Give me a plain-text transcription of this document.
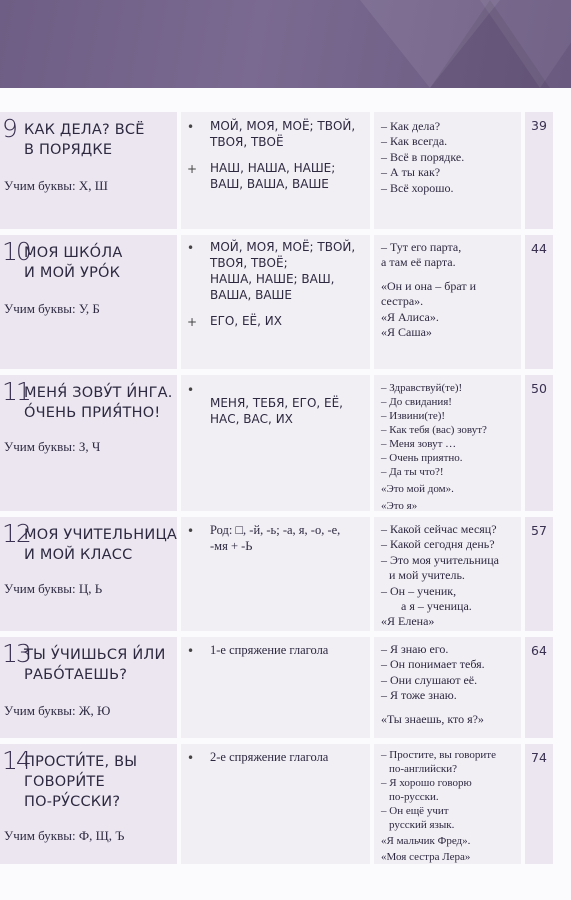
9 КАК ДЕЛА? ВСЁ
В ПОРЯДКЕ
Учим буквы: Х, Ш
• МОЙ, МОЯ, МОЁ; ТВОЙ,
ТВОЯ, ТВОЁ
+ НАШ, НАША, НАШЕ;
ВАШ, ВАША, ВАШЕ
– Как дела?
– Как всегда.
– Всё в порядке.
– А ты как?
– Всё хорошо.
39
10
МОЯ ШКО́ЛА
И МОЙ УРО́К
Учим буквы: У, Б
• МОЙ, МОЯ, МОЁ; ТВОЙ,
ТВОЯ, ТВОЁ;
НАША, НАШЕ; ВАШ,
ВАША, ВАШЕ
+ ЕГО, ЕЁ, ИХ
– Тут его парта,
а там её парта.
«Он и она – брат и
сестра».
«Я Алиса».
«Я Саша»
44
11
МЕНЯ́ ЗОВУ́Т И́НГА.
О́ЧЕНЬ ПРИЯ́ТНО!
Учим буквы: З, Ч
•
МЕНЯ, ТЕБЯ, ЕГО, ЕЁ,
НАС, ВАС, ИХ
– Здравствуй(те)!
– До свидания!
– Извини(те)!
– Как тебя (вас) зовут?
– Меня зовут …
– Очень приятно.
– Да ты что?!
«Это мой дом».
«Это я»
50
12
МОЯ УЧИТЕЛЬНИЦА
И МОЙ КЛАСС
Учим буквы: Ц, Ь
• Род: □, -й, -ь; -а, я, -о, -е,
-мя + -Ь
– Какой сейчас месяц?
– Какой сегодня день?
– Это моя учительница
и мой учитель.
– Он – ученик,
а я – ученица.
«Я Елена»
57
13
ТЫ У́ЧИШЬСЯ И́ЛИ
РАБО́ТАЕШЬ?
Учим буквы: Ж, Ю
• 1-е спряжение глагола	– Я знаю его.
– Он понимает тебя.
– Они слушают её.
– Я тоже знаю.
«Ты знаешь, кто я?»
64
14
ПРОСТИ́ТЕ, ВЫ
ГОВОРИ́ТЕ
ПО-РУ́ССКИ?
Учим буквы: Ф, Щ, Ъ
• 2-е спряжение глагола	– Простите, вы говорите
по-английски?
– Я хорошо говорю
по-русски.
– Он ещё учит
русский язык.
«Я мальчик Фред».
«Моя сестра Лера»
74
